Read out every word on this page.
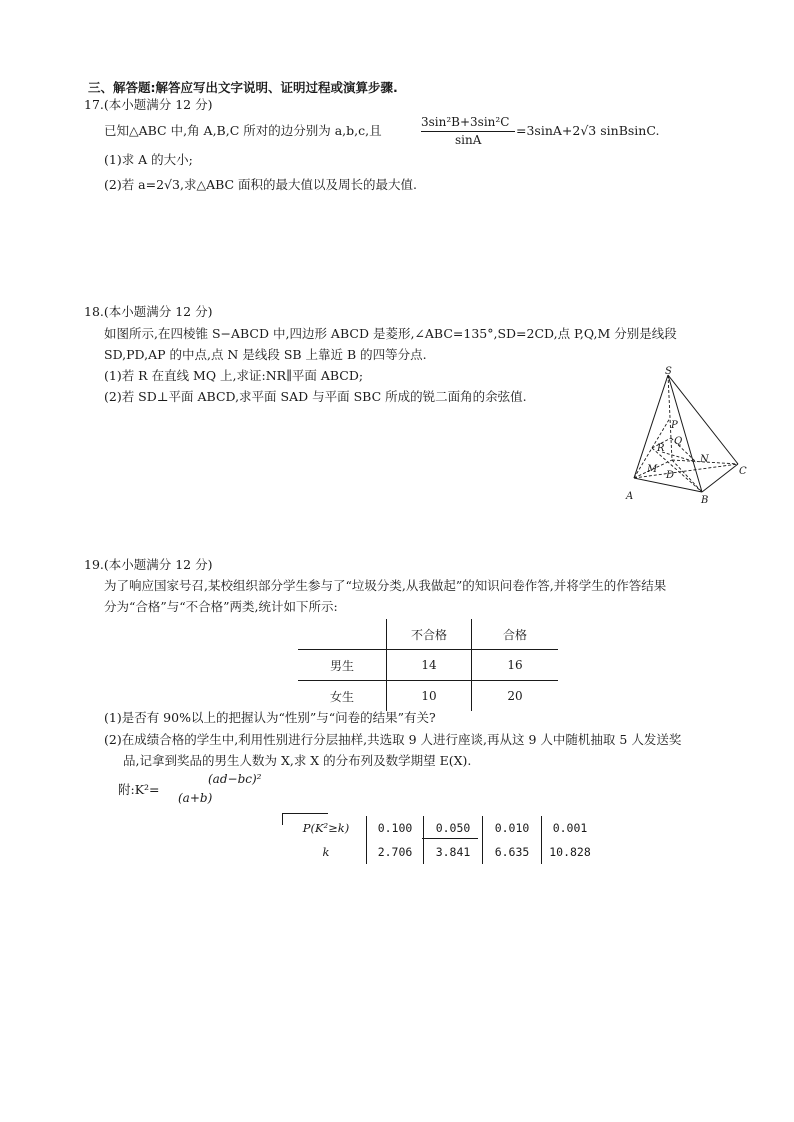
三、解答题:解答应写出文字说明、证明过程或演算步骤.
17.(本小题满分 12 分)
已知△ABC 中,角 A,B,C 所对的边分别为 a,b,c,且
3sin²B+3sin²C
sinA
=3sinA+2√3 sinBsinC.
(1)求 A 的大小;
(2)若 a=2√3,求△ABC 面积的最大值以及周长的最大值.
18.(本小题满分 12 分)
如图所示,在四棱锥 S−ABCD 中,四边形 ABCD 是菱形,∠ABC=135°,SD=2CD,点 P,Q,M 分别是线段
SD,PD,AP 的中点,点 N 是线段 SB 上靠近 B 的四等分点.
(1)若 R 在直线 MQ 上,求证:NR∥平面 ABCD;
(2)若 SD⊥平面 ABCD,求平面 SAD 与平面 SBC 所成的锐二面角的余弦值.
S
P
Q
R
M
D
N
C
A	B
19.(本小题满分 12 分)
为了响应国家号召,某校组织部分学生参与了“垃圾分类,从我做起”的知识问卷作答,并将学生的作答结果
分为“合格”与“不合格”两类,统计如下所示:
	不合格	合格
男生	14	16
女生	10	20
(1)是否有 90%以上的把握认为“性别”与“问卷的结果”有关?
(2)在成绩合格的学生中,利用性别进行分层抽样,共选取 9 人进行座谈,再从这 9 人中随机抽取 5 人发送奖
品,记拿到奖品的男生人数为 X,求 X 的分布列及数学期望 E(X).
附:K²=
(ad−bc)²
(a+b)
P(K²≥k)	0.100	0.050	0.010	0.001
k	2.706	3.841	6.635	10.828
